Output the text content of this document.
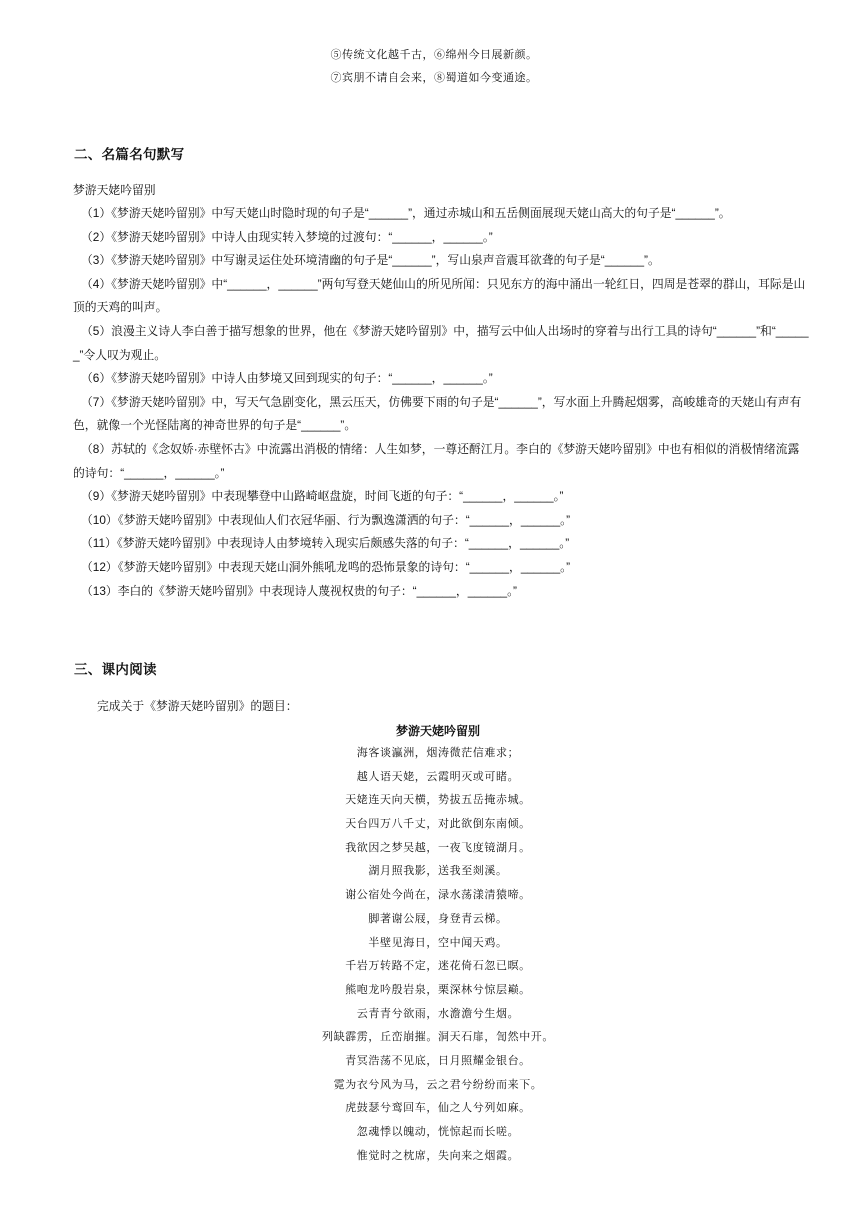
⑤传统文化越千古，⑥绵州今日展新颜。
⑦宾朋不请自会来，⑧蜀道如今变通途。
二、名篇名句默写
梦游天姥吟留别
（1）《梦游天姥吟留别》中写天姥山时隐时现的句子是“______”，通过赤城山和五岳侧面展现天姥山高大的句子是“______”。
（2）《梦游天姥吟留别》中诗人由现实转入梦境的过渡句：“______，______。”
（3）《梦游天姥吟留别》中写谢灵运住处环境清幽的句子是“______”，写山泉声音震耳欲聋的句子是“______”。
（4）《梦游天姥吟留别》中“______，______”两句写登天姥仙山的所见所闻：只见东方的海中涌出一轮红日，四周是苍翠的群山，耳际是山顶的天鸡的叫声。
（5）浪漫主义诗人李白善于描写想象的世界，他在《梦游天姥吟留别》中，描写云中仙人出场时的穿着与出行工具的诗句“______”和“______”令人叹为观止。
（6）《梦游天姥吟留别》中诗人由梦境又回到现实的句子：“______，______。”
（7）《梦游天姥吟留别》中，写天气急剧变化，黑云压天，仿佛要下雨的句子是“______”，写水面上升腾起烟雾，高峻雄奇的天姥山有声有色，就像一个光怪陆离的神奇世界的句子是“______”。
（8）苏轼的《念奴娇·赤壁怀古》中流露出消极的情绪：人生如梦，一尊还酹江月。李白的《梦游天姥吟留别》中也有相似的消极情绪流露的诗句：“______，______。”
（9）《梦游天姥吟留别》中表现攀登中山路崎岖盘旋，时间飞逝的句子：“______，______。”
（10）《梦游天姥吟留别》中表现仙人们衣冠华丽、行为飘逸潇洒的句子：“______，______。”
（11）《梦游天姥吟留别》中表现诗人由梦境转入现实后颇感失落的句子：“______，______。”
（12）《梦游天姥吟留别》中表现天姥山洞外熊吼龙鸣的恐怖景象的诗句：“______，______。”
（13）李白的《梦游天姥吟留别》中表现诗人蔑视权贵的句子：“______，______。”
三、课内阅读
完成关于《梦游天姥吟留别》的题目：
梦游天姥吟留别
海客谈瀛洲，烟涛微茫信难求；
越人语天姥，云霞明灭或可睹。
天姥连天向天横，势拔五岳掩赤城。
天台四万八千丈，对此欲倒东南倾。
我欲因之梦吴越，一夜飞度镜湖月。
湖月照我影，送我至剡溪。
谢公宿处今尚在，渌水荡漾清猿啼。
脚著谢公屐，身登青云梯。
半壁见海日，空中闻天鸡。
千岩万转路不定，迷花倚石忽已暝。
熊咆龙吟殷岩泉，栗深林兮惊层巅。
云青青兮欲雨，水澹澹兮生烟。
列缺霹雳，丘峦崩摧。洞天石扉，訇然中开。
青冥浩荡不见底，日月照耀金银台。
霓为衣兮风为马，云之君兮纷纷而来下。
虎鼓瑟兮鸾回车，仙之人兮列如麻。
忽魂悸以魄动，恍惊起而长嗟。
惟觉时之枕席，失向来之烟霞。
